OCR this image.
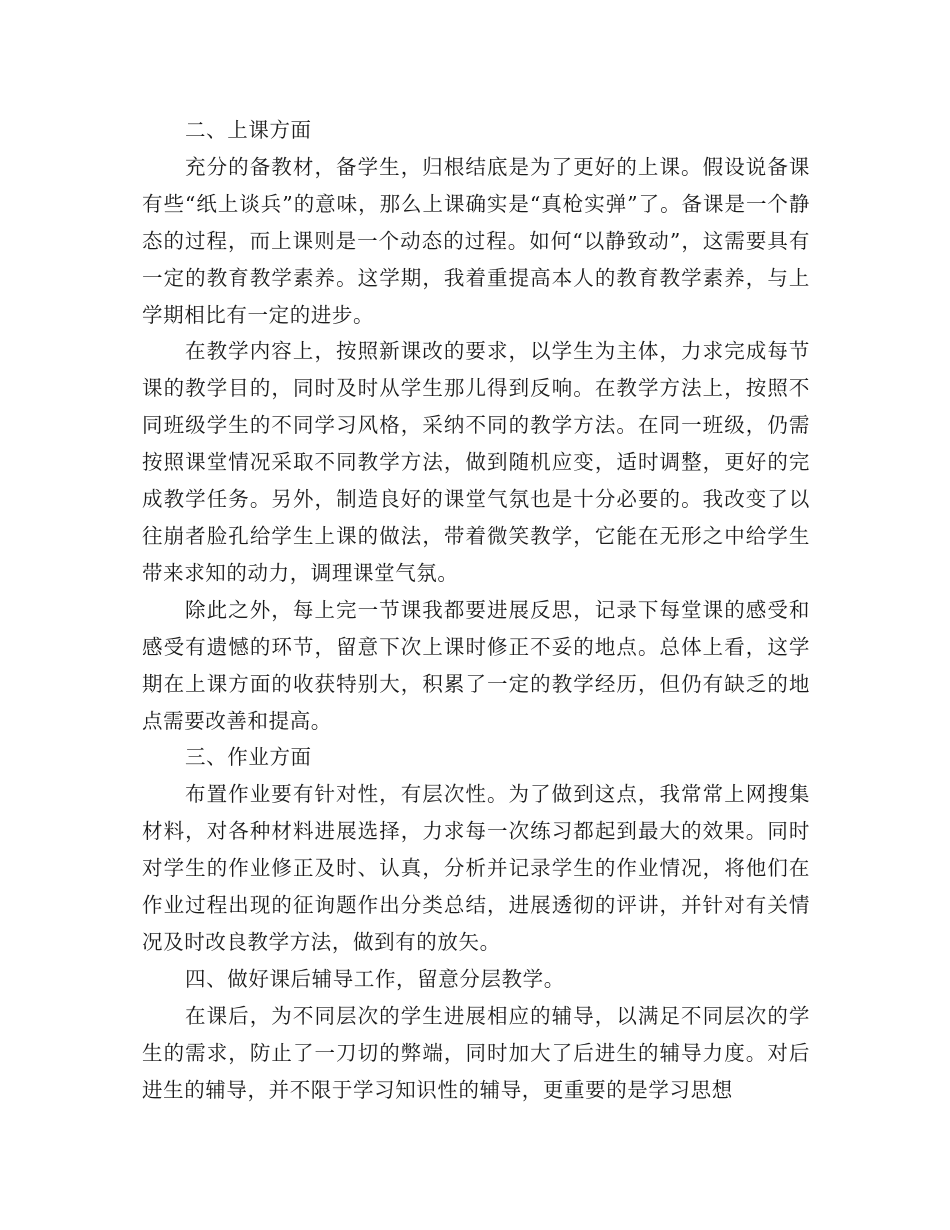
二、上课方面

充分的备教材，备学生，归根结底是为了更好的上课。假设说备课有些“纸上谈兵”的意味，那么上课确实是“真枪实弹”了。备课是一个静态的过程，而上课则是一个动态的过程。如何“以静致动”，这需要具有一定的教育教学素养。这学期，我着重提高本人的教育教学素养，与上学期相比有一定的进步。

在教学内容上，按照新课改的要求，以学生为主体，力求完成每节课的教学目的，同时及时从学生那儿得到反响。在教学方法上，按照不同班级学生的不同学习风格，采纳不同的教学方法。在同一班级，仍需按照课堂情况采取不同教学方法，做到随机应变，适时调整，更好的完成教学任务。另外，制造良好的课堂气氛也是十分必要的。我改变了以往崩者脸孔给学生上课的做法，带着微笑教学，它能在无形之中给学生带来求知的动力，调理课堂气氛。

除此之外，每上完一节课我都要进展反思，记录下每堂课的感受和感受有遗憾的环节，留意下次上课时修正不妥的地点。总体上看，这学期在上课方面的收获特别大，积累了一定的教学经历，但仍有缺乏的地点需要改善和提高。

三、作业方面

布置作业要有针对性，有层次性。为了做到这点，我常常上网搜集材料，对各种材料进展选择，力求每一次练习都起到最大的效果。同时对学生的作业修正及时、认真，分析并记录学生的作业情况，将他们在作业过程出现的征询题作出分类总结，进展透彻的评讲，并针对有关情况及时改良教学方法，做到有的放矢。

四、做好课后辅导工作，留意分层教学。

在课后，为不同层次的学生进展相应的辅导，以满足不同层次的学生的需求，防止了一刀切的弊端，同时加大了后进生的辅导力度。对后进生的辅导，并不限于学习知识性的辅导，更重要的是学习思想
